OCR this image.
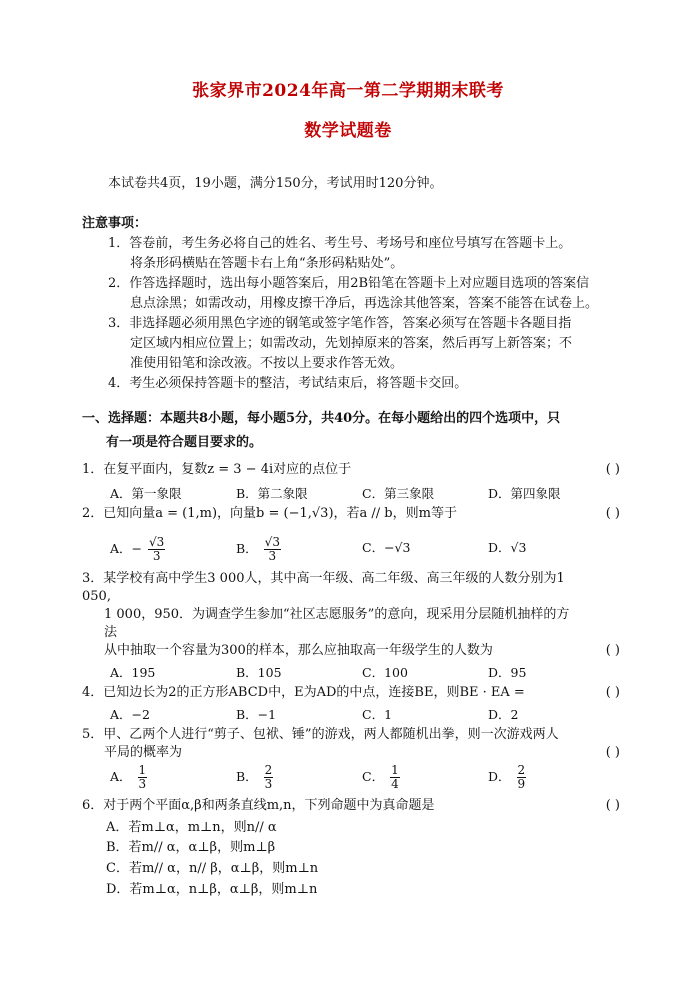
张家界市2024年高一第二学期期末联考
数学试题卷
本试卷共4页，19小题，满分150分，考试用时120分钟。
注意事项：
1．答卷前，考生务必将自己的姓名、考生号、考场号和座位号填写在答题卡上。
将条形码横贴在答题卡右上角“条形码粘贴处”。
2．作答选择题时，选出每小题答案后，用2B铅笔在答题卡上对应题目选项的答案信
息点涂黑；如需改动，用橡皮擦干净后，再选涂其他答案，答案不能答在试卷上。
3．非选择题必须用黑色字迹的钢笔或签字笔作答，答案必须写在答题卡各题目指
定区域内相应位置上；如需改动，先划掉原来的答案，然后再写上新答案；不
准使用铅笔和涂改液。不按以上要求作答无效。
4．考生必须保持答题卡的整洁，考试结束后，将答题卡交回。
一、选择题：本题共8小题，每小题5分，共40分。在每小题给出的四个选项中，只
有一项是符合题目要求的。
1．在复平面内，复数z = 3 − 4i对应的点位于	( )
A．第一象限	B．第二象限	C．第三象限	D．第四象限
2．已知向量a = (1,m)，向量b = (−1,√3)，若a // b，则m等于	( )
A．− $\frac{√3}{3}$	B． $\frac{√3}{3}$	C．−√3	D．√3
3．某学校有高中学生3 000人，其中高一年级、高二年级、高三年级的人数分别为1
050,
1 000，950．为调查学生参加“社区志愿服务”的意向，现采用分层随机抽样的方
法
从中抽取一个容量为300的样本，那么应抽取高一年级学生的人数为	( )
A．195	B．105	C．100	D．95
4．已知边长为2的正方形ABCD中，E为AD的中点，连接BE，则BE · EA =	( )
A．−2	B．−1	C．1	D．2
5．甲、乙两个人进行“剪子、包袱、锤”的游戏，两人都随机出拳，则一次游戏两人
平局的概率为	( )
A． $\frac{1}{3}$	B． $\frac{2}{3}$	C． $\frac{1}{4}$	D． $\frac{2}{9}$
6．对于两个平面α,β和两条直线m,n，下列命题中为真命题是	( )
A．若m⊥α，m⊥n，则n// α
B．若m// α，α⊥β，则m⊥β
C．若m// α，n// β，α⊥β，则m⊥n
D．若m⊥α，n⊥β，α⊥β，则m⊥n
